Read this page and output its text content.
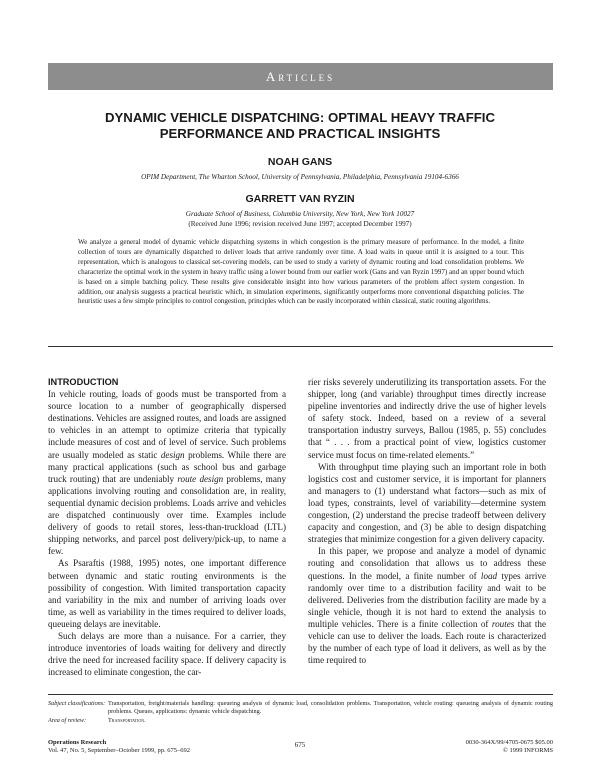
Articles
DYNAMIC VEHICLE DISPATCHING: OPTIMAL HEAVY TRAFFIC PERFORMANCE AND PRACTICAL INSIGHTS

NOAH GANS

OPIM Department, The Wharton School, University of Pennsylvania, Philadelphia, Pennsylvania 19104-6366

GARRETT VAN RYZIN

Graduate School of Business, Columbia University, New York, New York 10027

(Received June 1996; revision received June 1997; accepted December 1997)

We analyze a general model of dynamic vehicle dispatching systems in which congestion is the primary measure of performance. In the model, a finite collection of tours are dynamically dispatched to deliver loads that arrive randomly over time. A load waits in queue until it is assigned to a tour. This representation, which is analogous to classical set-covering models, can be used to study a variety of dynamic routing and load consolidation problems. We characterize the optimal work in the system in heavy traffic using a lower bound from our earlier work (Gans and van Ryzin 1997) and an upper bound which is based on a simple batching policy. These results give considerable insight into how various parameters of the problem affect system congestion. In addition, our analysis suggests a practical heuristic which, in simulation experiments, significantly outperforms more conventional dispatching policies. The heuristic uses a few simple principles to control congestion, principles which can be easily incorporated within classical, static routing algorithms.

INTRODUCTION

In vehicle routing, loads of goods must be transported from a source location to a number of geographically dispersed destinations. Vehicles are assigned routes, and loads are assigned to vehicles in an attempt to optimize criteria that typically include measures of cost and of level of service. Such problems are usually modeled as static design problems. While there are many practical applications (such as school bus and garbage truck routing) that are undeniably route design problems, many applications involving routing and consolidation are, in reality, sequential dynamic decision problems. Loads arrive and vehicles are dispatched continuously over time. Examples include delivery of goods to retail stores, less-than-truckload (LTL) shipping networks, and parcel post delivery/pick-up, to name a few.

As Psaraftis (1988, 1995) notes, one important difference between dynamic and static routing environments is the possibility of congestion. With limited transportation capacity and variability in the mix and number of arriving loads over time, as well as variability in the times required to deliver loads, queueing delays are inevitable.

Such delays are more than a nuisance. For a carrier, they introduce inventories of loads waiting for delivery and directly drive the need for increased facility space. If delivery capacity is increased to eliminate congestion, the car-

rier risks severely underutilizing its transportation assets. For the shipper, long (and variable) throughput times directly increase pipeline inventories and indirectly drive the use of higher levels of safety stock. Indeed, based on a review of a several transportation industry surveys, Ballou (1985, p. 55) concludes that “ . . . from a practical point of view, logistics customer service must focus on time-related elements.”

With throughput time playing such an important role in both logistics cost and customer service, it is important for planners and managers to (1) understand what factors—such as mix of load types, constraints, level of variability—determine system congestion, (2) understand the precise tradeoff between delivery capacity and congestion, and (3) be able to design dispatching strategies that minimize congestion for a given delivery capacity.

In this paper, we propose and analyze a model of dynamic routing and consolidation that allows us to address these questions. In the model, a finite number of load types arrive randomly over time to a distribution facility and wait to be delivered. Deliveries from the distribution facility are made by a single vehicle, though it is not hard to extend the analysis to multiple vehicles. There is a finite collection of routes that the vehicle can use to deliver the loads. Each route is characterized by the number of each type of load it delivers, as well as by the time required to

Subject classifications: Transportation, freight/materials handling: queueing analysis of dynamic load, consolidation problems. Transportation, vehicle routing: queueing analysis of dynamic routing problems. Queues, applications: dynamic vehicle dispatching.
Area of review:	Transportation.
Operations Research
Vol. 47, No. 5, September–October 1999, pp. 675–692
675	0030-364X/99/4705-0675 $05.00
© 1999 INFORMS
